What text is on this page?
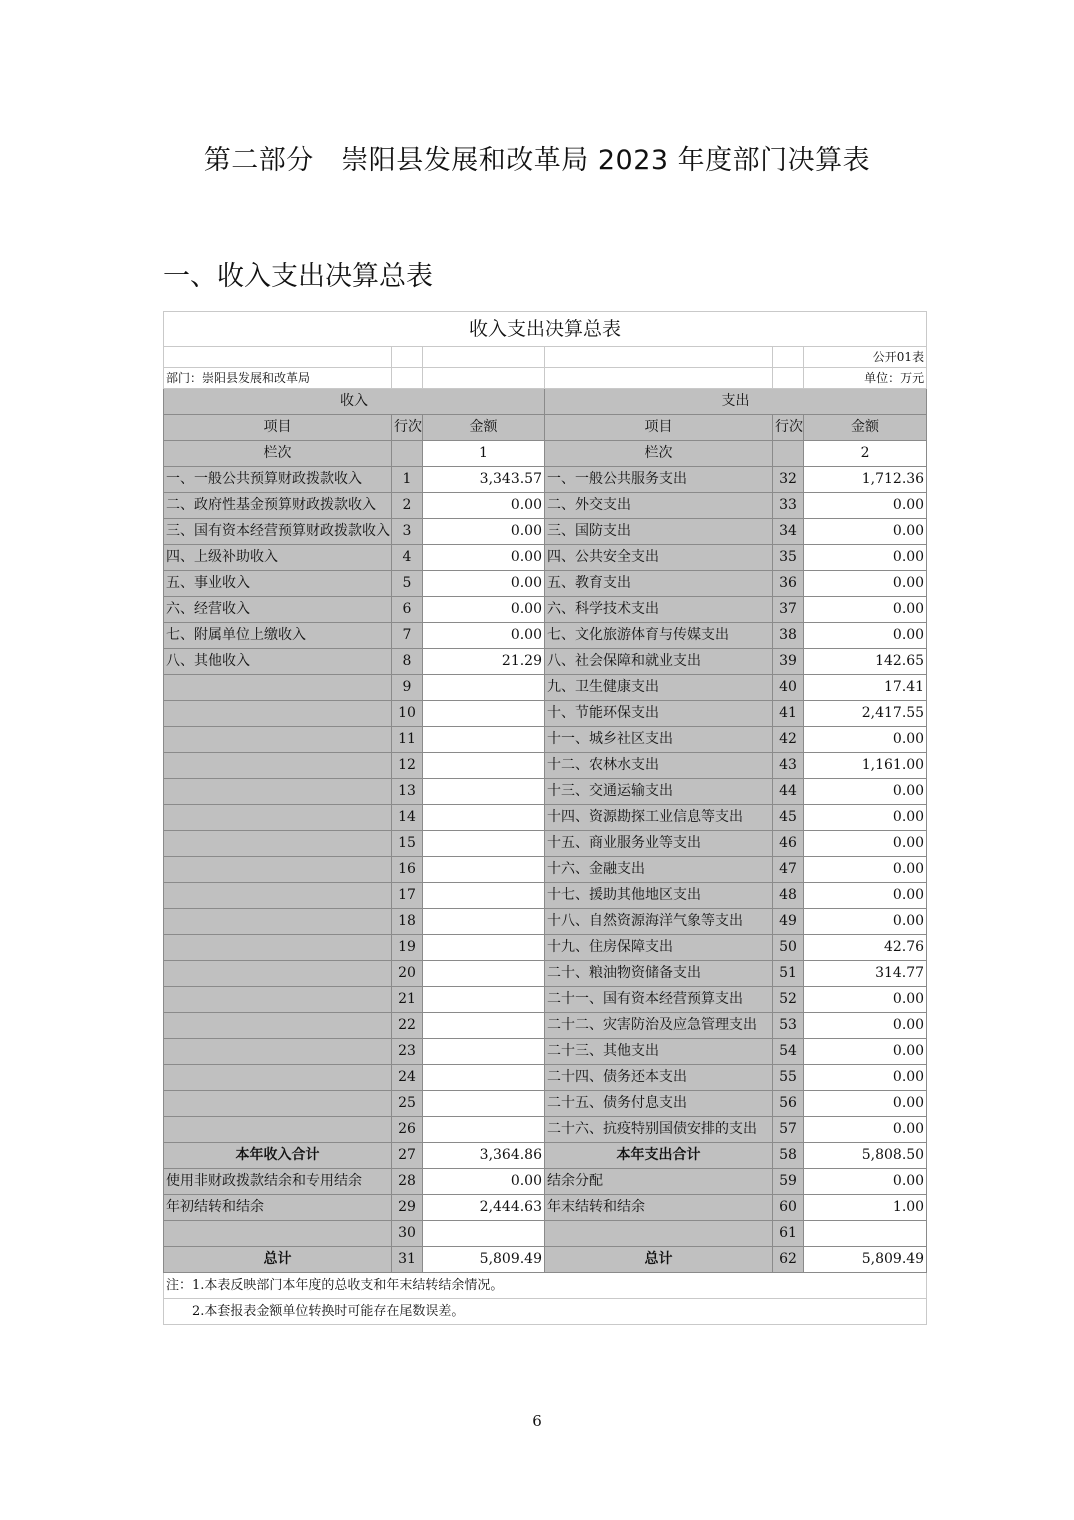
第二部分　崇阳县发展和改革局 2023 年度部门决算表
一、收入支出决算总表
收入支出决算总表					
					公开01表
部门：崇阳县发展和改革局					单位：万元
收入			支出		
项目	行次	金额	项目	行次	金额
栏次		1	栏次		2
一、一般公共预算财政拨款收入	1	3,343.57	一、一般公共服务支出	32	1,712.36
二、政府性基金预算财政拨款收入	2	0.00	二、外交支出	33	0.00
三、国有资本经营预算财政拨款收入	3	0.00	三、国防支出	34	0.00
四、上级补助收入	4	0.00	四、公共安全支出	35	0.00
五、事业收入	5	0.00	五、教育支出	36	0.00
六、经营收入	6	0.00	六、科学技术支出	37	0.00
七、附属单位上缴收入	7	0.00	七、文化旅游体育与传媒支出	38	0.00
八、其他收入	8	21.29	八、社会保障和就业支出	39	142.65
	9		九、卫生健康支出	40	17.41
	10		十、节能环保支出	41	2,417.55
	11		十一、城乡社区支出	42	0.00
	12		十二、农林水支出	43	1,161.00
	13		十三、交通运输支出	44	0.00
	14		十四、资源勘探工业信息等支出	45	0.00
	15		十五、商业服务业等支出	46	0.00
	16		十六、金融支出	47	0.00
	17		十七、援助其他地区支出	48	0.00
	18		十八、自然资源海洋气象等支出	49	0.00
	19		十九、住房保障支出	50	42.76
	20		二十、粮油物资储备支出	51	314.77
	21		二十一、国有资本经营预算支出	52	0.00
	22		二十二、灾害防治及应急管理支出	53	0.00
	23		二十三、其他支出	54	0.00
	24		二十四、债务还本支出	55	0.00
	25		二十五、债务付息支出	56	0.00
	26		二十六、抗疫特别国债安排的支出	57	0.00
本年收入合计	27	3,364.86	本年支出合计	58	5,808.50
使用非财政拨款结余和专用结余	28	0.00	结余分配	59	0.00
年初结转和结余	29	2,444.63	年末结转和结余	60	1.00
	30			61	
总计	31	5,809.49	总计	62	5,809.49
注：1.本表反映部门本年度的总收支和年末结转结余情况。					
　　2.本套报表金额单位转换时可能存在尾数误差。					
6
